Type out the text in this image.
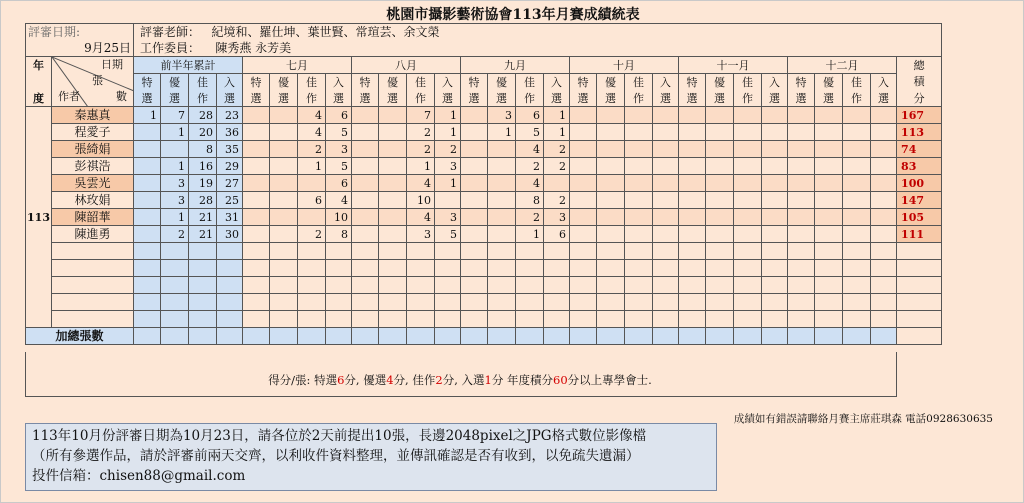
桃園市攝影藝術協會113年月賽成績統表
評審日期:		評審老師： 紀境和、羅仕坤、葉世賢、常瑄芸、余文榮																												
9月25日		工作委員： 陳秀燕 永芳美																												
年	日期
張
作者 數	前半年累計				七月				八月				九月				十月				十一月				十二月				總
		特	優	佳	入	特	優	佳	入	特	優	佳	入	特	優	佳	入	特	優	佳	入	特	優	佳	入	特	優	佳	入	積
度		選	選	作	選	選	選	作	選	選	選	作	選	選	選	作	選	選	選	作	選	選	選	作	選	選	選	作	選	分
113	秦惠真	1	7	28	23			4	6			7	1		3	6	1													167
	程愛子		1	20	36			4	5			2	1		1	5	1													113
	張綺娟			8	35			2	3			2	2			4	2													74
	彭祺浩		1	16	29			1	5			1	3			2	2													83
	吳雲光		3	19	27				6			4	1			4														100
	林玫娟		3	28	25			6	4			10				8	2													147
	陳韶華		1	21	31				10			4	3			2	3													105
	陳進勇		2	21	30			2	8			3	5			1	6													111

加總張數																														
得分/張: 特選6分, 優選4分, 佳作2分, 入選1分 年度積分60分以上專學會士.
成績如有錯誤請聯絡月賽主席莊琪森 電話0928630635
113年10月份評審日期為10月23日，請各位於2天前提出10張，長邊2048pixel之JPG格式數位影像檔
（所有參選作品，請於評審前兩天交齊，以利收件資料整理，並傳訊確認是否有收到，以免疏失遺漏）
投件信箱：chisen88@gmail.com
